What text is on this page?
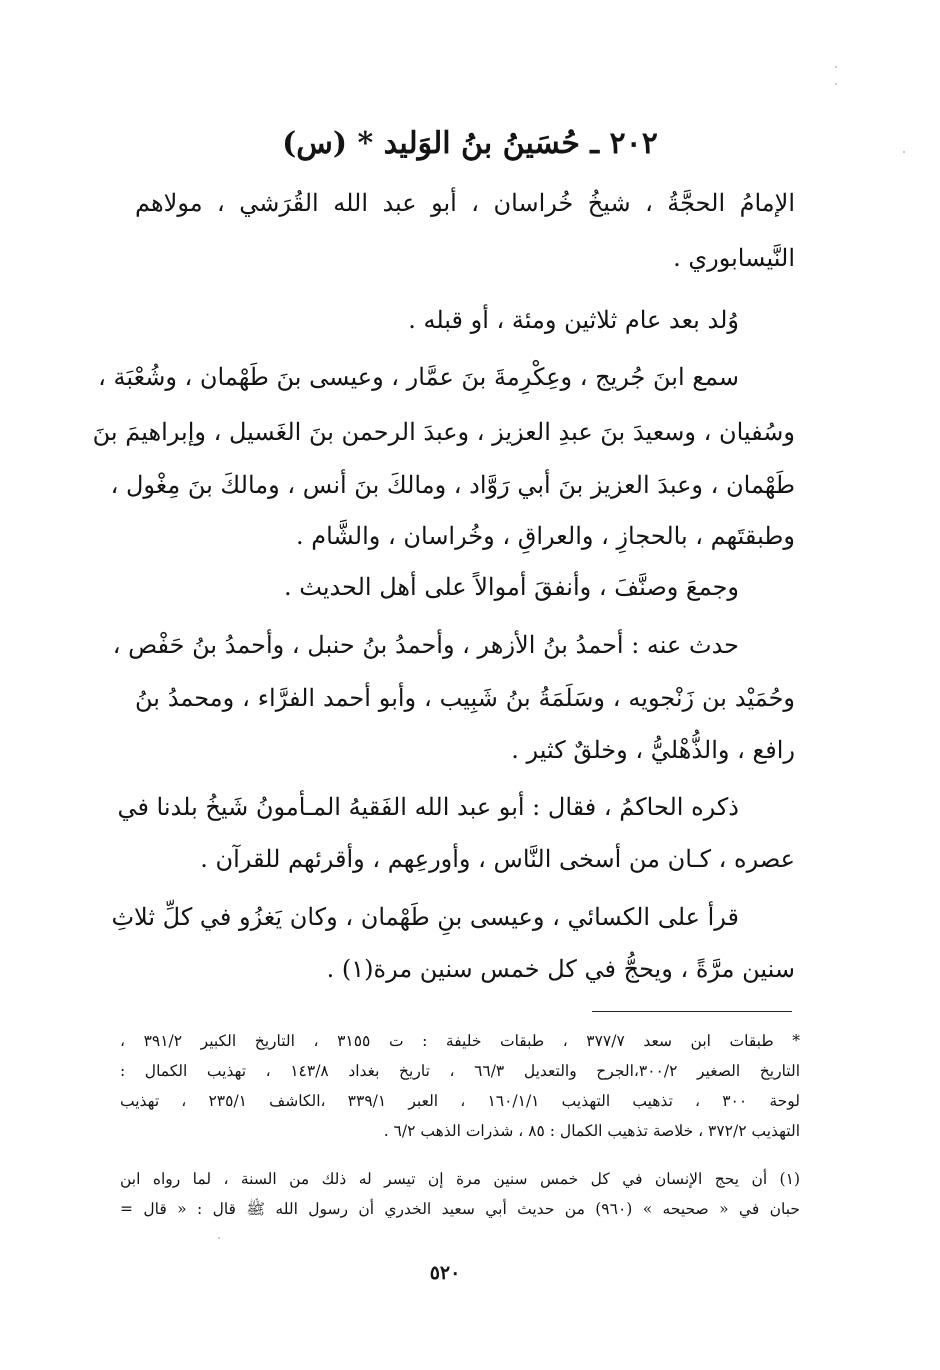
٢٠٢ ـ حُسَينُ بنُ الوَليد * (س)
الإمامُ الحجَّةُ ، شيخُ خُراسان ، أبو عبد الله القُرَشي ، مولاهم
النَّيسابوري .
وُلد بعد عام ثلاثين ومئة ، أو قبله .
سمع ابنَ جُريج ، وعِكْرِمةَ بنَ عمَّار ، وعيسى بنَ طَهْمان ، وشُعْبَة ،
وسُفيان ، وسعيدَ بنَ عبدِ العزيز ، وعبدَ الرحمن بنَ الغَسيل ، وإبراهيمَ بنَ
طَهْمان ، وعبدَ العزيز بنَ أبي رَوَّاد ، ومالكَ بنَ أنس ، ومالكَ بنَ مِغْول ،
وطبقتَهم ، بالحجازِ ، والعراقِ ، وخُراسان ، والشَّام .
وجمعَ وصنَّفَ ، وأنفقَ أموالاً على أهل الحديث .
حدث عنه : أحمدُ بنُ الأزهر ، وأحمدُ بنُ حنبل ، وأحمدُ بنُ حَفْص ،
وحُمَيْد بن زَنْجويه ، وسَلَمَةُ بنُ شَبِيب ، وأبو أحمد الفرَّاء ، ومحمدُ بنُ
رافع ، والذُّهْليُّ ، وخلقٌ كثير .
ذكره الحاكمُ ، فقال : أبو عبد الله الفَقيهُ المـأمونُ شَيخُ بلدنا في
عصره ، كـان من أسخى النَّاس ، وأورعِهم ، وأقرئهم للقرآن .
قرأ على الكسائي ، وعيسى بنِ طَهْمان ، وكان يَغزُو في كلِّ ثلاثِ
سنين مرَّةً ، ويحجُّ في كل خمس سنين مرة(١) .
* طبقات ابن سعد ٣٧٧/٧ ، طبقات خليفة : ت ٣١٥٥ ، التاريخ الكبير ٣٩١/٢ ،
التاريخ الصغير ٣٠٠/٢،الجرح والتعديل ٦٦/٣ ، تاريخ بغداد ١٤٣/٨ ، تهذيب الكمال :
لوحة ٣٠٠ ، تذهيب التهذيب ١٦٠/١/١ ، العبر ٣٣٩/١ ،الكاشف ٢٣٥/١ ، تهذيب
التهذيب ٣٧٢/٢ ، خلاصة تذهيب الكمال : ٨٥ ، شذرات الذهب ٦/٢ .
(١) أن يحج الإنسان في كل خمس سنين مرة إن تيسر له ذلك من السنة ، لما رواه ابن
حبان في « صحيحه » (٩٦٠) من حديث أبي سعيد الخدري أن رسول الله ﷺ قال : « قال =
٥٢٠
